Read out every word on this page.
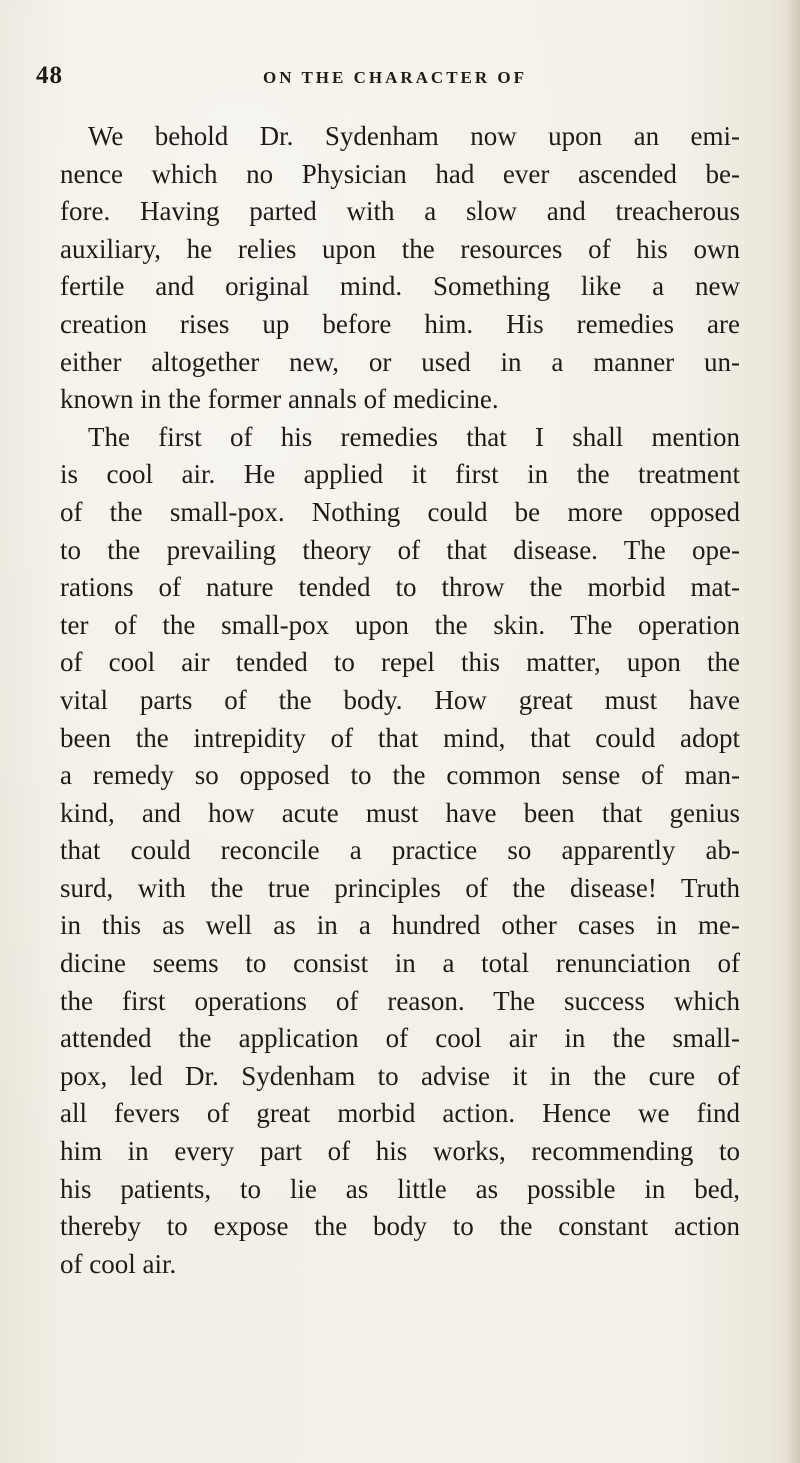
48	ON THE CHARACTER OF
We behold Dr. Sydenham now upon an emi-
nence which no Physician had ever ascended be-
fore. Having parted with a slow and treacherous
auxiliary, he relies upon the resources of his own
fertile and original mind. Something like a new
creation rises up before him. His remedies are
either altogether new, or used in a manner un-
known in the former annals of medicine.
The first of his remedies that I shall mention
is cool air. He applied it first in the treatment
of the small-pox. Nothing could be more opposed
to the prevailing theory of that disease. The ope-
rations of nature tended to throw the morbid mat-
ter of the small-pox upon the skin. The operation
of cool air tended to repel this matter, upon the
vital parts of the body. How great must have
been the intrepidity of that mind, that could adopt
a remedy so opposed to the common sense of man-
kind, and how acute must have been that genius
that could reconcile a practice so apparently ab-
surd, with the true principles of the disease! Truth
in this as well as in a hundred other cases in me-
dicine seems to consist in a total renunciation of
the first operations of reason. The success which
attended the application of cool air in the small-
pox, led Dr. Sydenham to advise it in the cure of
all fevers of great morbid action. Hence we find
him in every part of his works, recommending to
his patients, to lie as little as possible in bed,
thereby to expose the body to the constant action
of cool air.
